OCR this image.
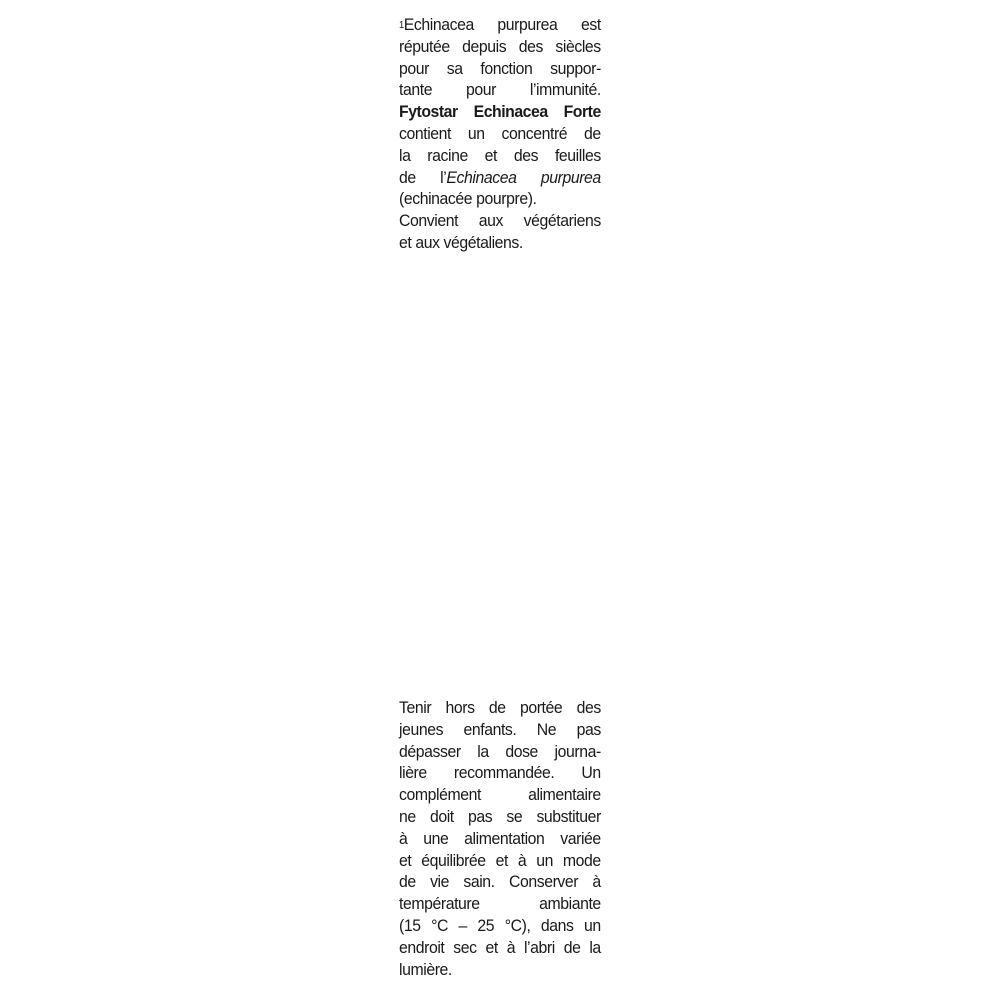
$^1$Echinacea purpurea est
réputée depuis des siècles
pour sa fonction suppor-
tante pour l’immunité.
Fytostar Echinacea Forte
contient un concentré de
la racine et des feuilles
de l’Echinacea purpurea
(echinacée pourpre).
Convient aux végétariens
et aux végétaliens.
Tenir hors de portée des
jeunes enfants. Ne pas
dépasser la dose journa-
lière recommandée. Un
complément alimentaire
ne doit pas se substituer
à une alimentation variée
et équilibrée et à un mode
de vie sain. Conserver à
température ambiante
(15 °C – 25 °C), dans un
endroit sec et à l’abri de la
lumière.
